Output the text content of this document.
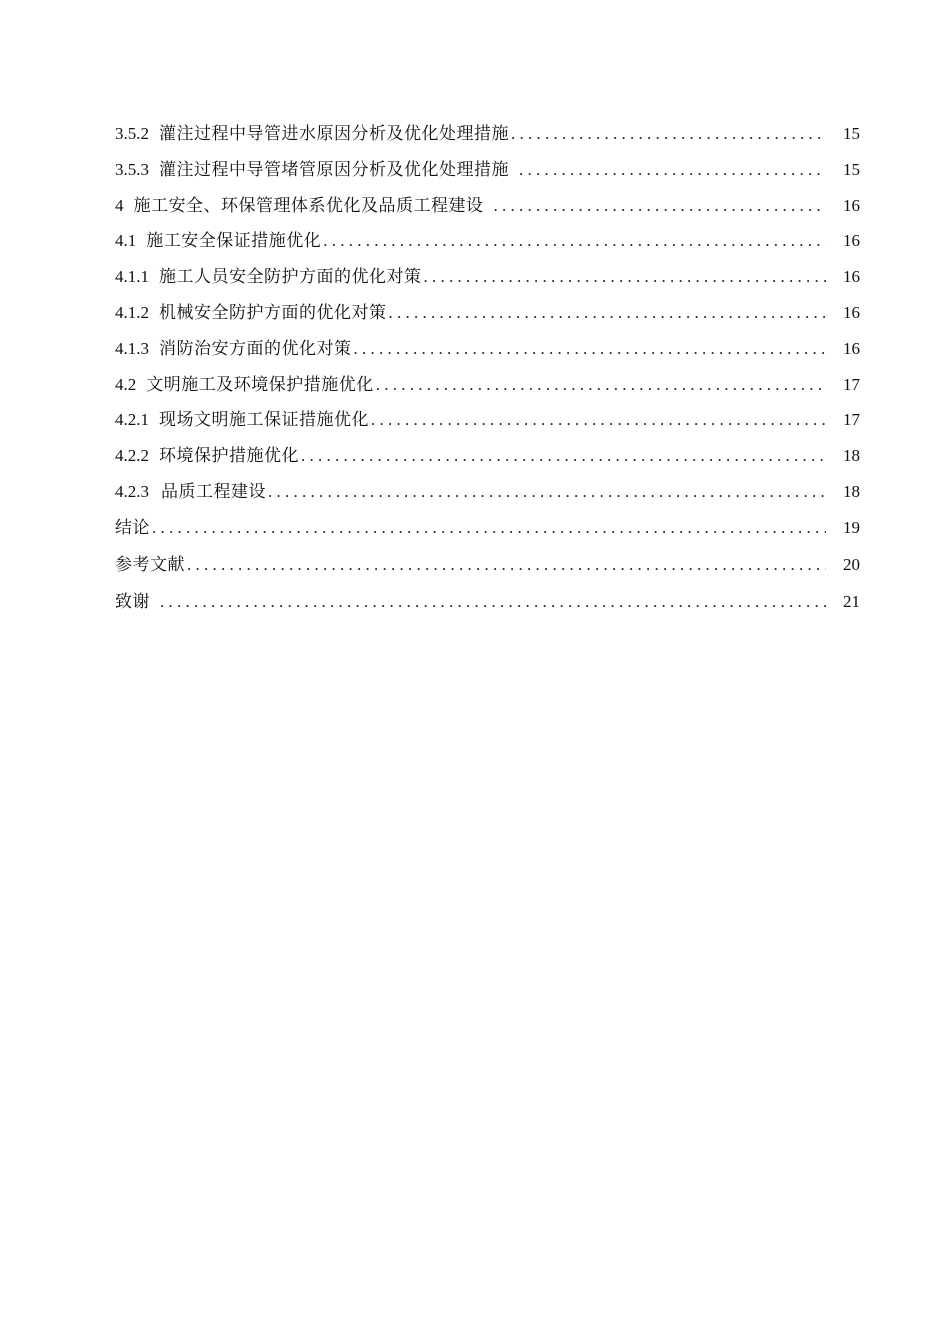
3.5.2 灌注过程中导管进水原因分析及优化处理措施 . . .	15
3.5.3 灌注过程中导管堵管原因分析及优化处理措施 . . .	15
4 施工安全、环保管理体系优化及品质工程建设 . . .	16
4.1 施工安全保证措施优化 . . .	16
4.1.1 施工人员安全防护方面的优化对策 . . .	16
4.1.2 机械安全防护方面的优化对策 . . .	16
4.1.3 消防治安方面的优化对策 . . .	16
4.2 文明施工及环境保护措施优化 . . .	17
4.2.1 现场文明施工保证措施优化 . . .	17
4.2.2 环境保护措施优化 . . .	18
4.2.3 品质工程建设 . . .	18
结论 . . .	19
参考文献 . . .	20
致谢 . . .	21
